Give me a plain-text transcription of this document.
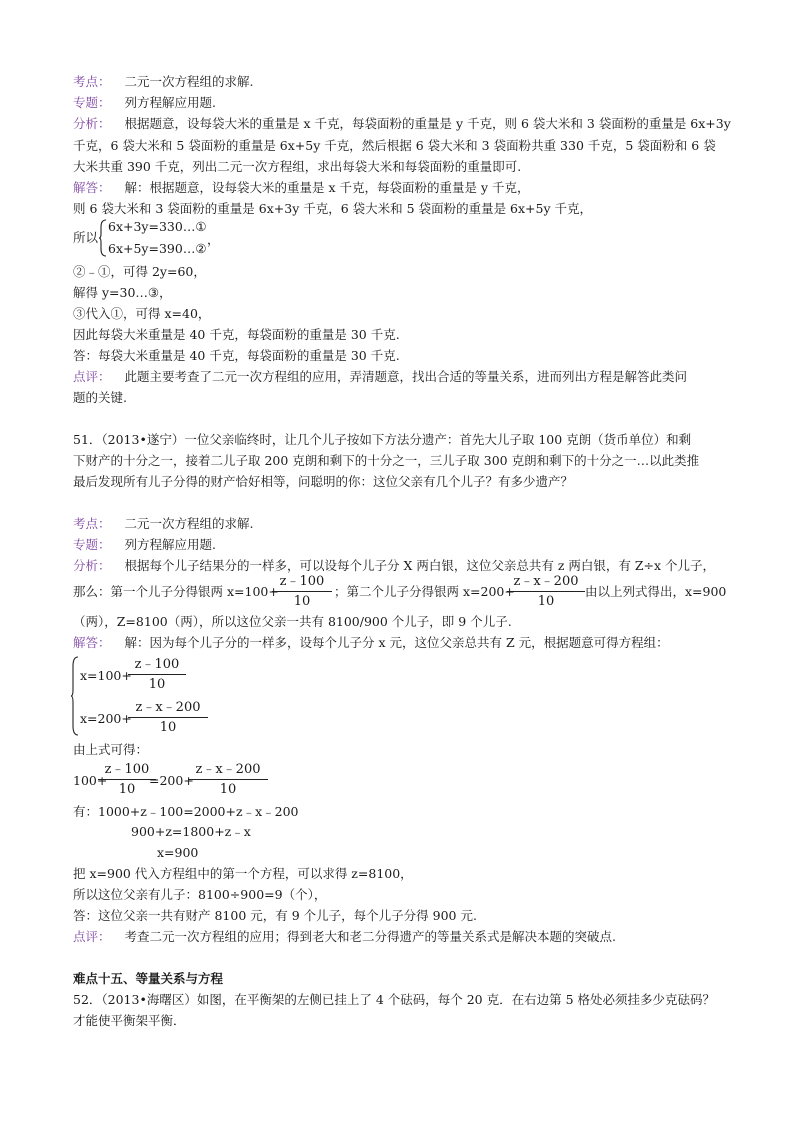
考点： 二元一次方程组的求解.
专题： 列方程解应用题.
分析： 根据题意，设每袋大米的重量是 x 千克，每袋面粉的重量是 y 千克，则 6 袋大米和 3 袋面粉的重量是 6x+3y
千克，6 袋大米和 5 袋面粉的重量是 6x+5y 千克，然后根据 6 袋大米和 3 袋面粉共重 330 千克，5 袋面粉和 6 袋
大米共重 390 千克，列出二元一次方程组，求出每袋大米和每袋面粉的重量即可.
解答： 解：根据题意，设每袋大米的重量是 x 千克，每袋面粉的重量是 y 千克，
则 6 袋大米和 3 袋面粉的重量是 6x+3y 千克，6 袋大米和 5 袋面粉的重量是 6x+5y 千克，
所以
6x+3y=330…①
6x+5y=390…②
，
②﹣①，可得 2y=60，
解得 y=30…③，
③代入①，可得 x=40，
因此每袋大米重量是 40 千克，每袋面粉的重量是 30 千克.
答：每袋大米重量是 40 千克，每袋面粉的重量是 30 千克.
点评： 此题主要考查了二元一次方程组的应用，弄清题意，找出合适的等量关系，进而列出方程是解答此类问
题的关键.
51．（2013•遂宁）一位父亲临终时，让几个儿子按如下方法分遗产：首先大儿子取 100 克朗（货币单位）和剩
下财产的十分之一，接着二儿子取 200 克朗和剩下的十分之一，三儿子取 300 克朗和剩下的十分之一…以此类推
最后发现所有儿子分得的财产恰好相等，问聪明的你：这位父亲有几个儿子？有多少遗产？
考点： 二元一次方程组的求解.
专题： 列方程解应用题.
分析： 根据每个儿子结果分的一样多，可以设每个儿子分 X 两白银，这位父亲总共有 z 两白银，有 Z÷x 个儿子，
那么：第一个儿子分得银两 x=100+
$\frac{z﹣100}{10}$ ；第二个儿子分得银两 x=200+
$\frac{z﹣x﹣200}{10}$ 由以上列式得出，x=900
（两），Z=8100（两），所以这位父亲一共有 8100/900 个儿子，即 9 个儿子.
解答： 解：因为每个儿子分的一样多，设每个儿子分 x 元，这位父亲总共有 Z 元，根据题意可得方程组：
x=100+
$\frac{z﹣100}{10}$
x=200+
$\frac{z﹣x﹣200}{10}$
由上式可得：
100+
$\frac{z﹣100}{10}$
=200+
$\frac{z﹣x﹣200}{10}$
有：1000+z﹣100=2000+z﹣x﹣200
900+z=1800+z﹣x
x=900
把 x=900 代入方程组中的第一个方程，可以求得 z=8100，
所以这位父亲有儿子：8100÷900=9（个），
答：这位父亲一共有财产 8100 元，有 9 个儿子，每个儿子分得 900 元.
点评： 考查二元一次方程组的应用；得到老大和老二分得遗产的等量关系式是解决本题的突破点.
难点十五、等量关系与方程
52．（2013•海曙区）如图，在平衡架的左侧已挂上了 4 个砝码，每个 20 克．在右边第 5 格处必须挂多少克砝码？
才能使平衡架平衡．
